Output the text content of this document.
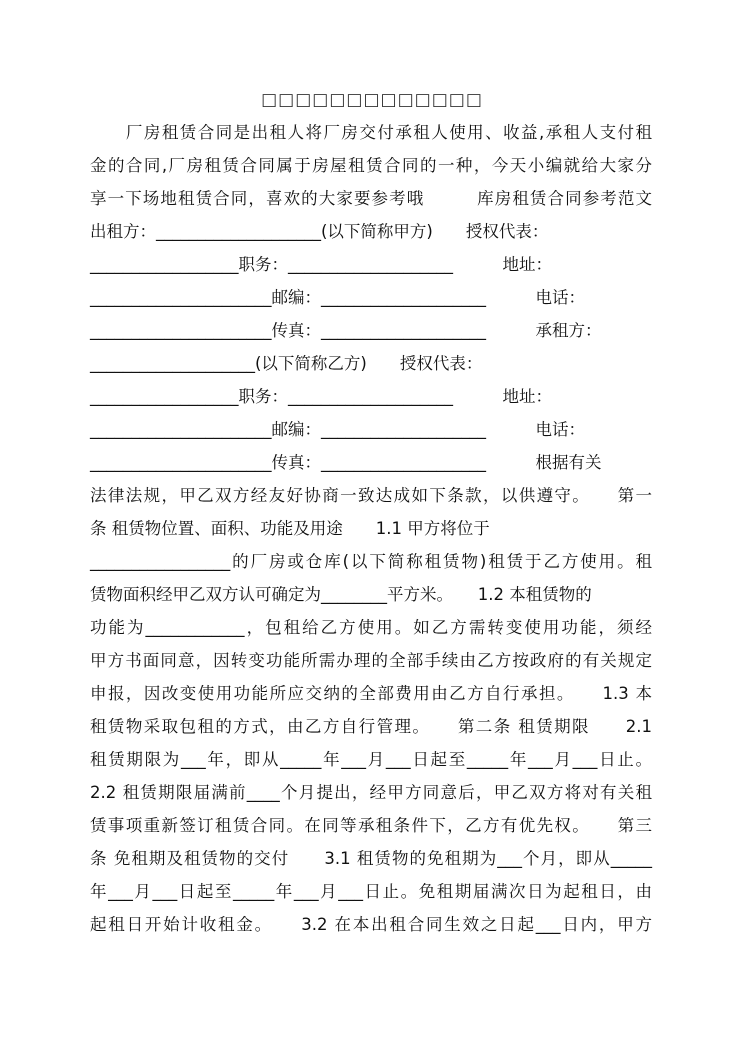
□□□□□□□□□□□□□
　　厂房租赁合同是出租人将厂房交付承租人使用、收益,承租人支付租
金的合同,厂房租赁合同属于房屋租赁合同的一种，今天小编就给大家分
享一下场地租赁合同，喜欢的大家要参考哦　　　库房租赁合同参考范文
出租方：____________________(以下简称甲方)　　授权代表：
__________________职务：____________________　　　地址：
______________________邮编：____________________　　　电话：
______________________传真：____________________　　　承租方：
____________________(以下简称乙方)　　授权代表：
__________________职务：____________________　　　地址：
______________________邮编：____________________　　　电话：
______________________传真：____________________　　　根据有关
法律法规，甲乙双方经友好协商一致达成如下条款，以供遵守。　　第一
条 租赁物位置、面积、功能及用途　　1.1 甲方将位于
_________________的厂房或仓库(以下简称租赁物)租赁于乙方使用。租
赁物面积经甲乙双方认可确定为________平方米。　　1.2 本租赁物的
功能为____________，包租给乙方使用。如乙方需转变使用功能，须经
甲方书面同意，因转变功能所需办理的全部手续由乙方按政府的有关规定
申报，因改变使用功能所应交纳的全部费用由乙方自行承担。　　1.3 本
租赁物采取包租的方式，由乙方自行管理。　　第二条 租赁期限　　2.1
租赁期限为___年，即从_____年___月___日起至_____年___月___日止。
2.2 租赁期限届满前____个月提出，经甲方同意后，甲乙双方将对有关租
赁事项重新签订租赁合同。在同等承租条件下，乙方有优先权。　　第三
条 免租期及租赁物的交付　　3.1 租赁物的免租期为___个月，即从_____
年___月___日起至_____年___月___日止。免租期届满次日为起租日，由
起租日开始计收租金。　　3.2 在本出租合同生效之日起___日内，甲方
